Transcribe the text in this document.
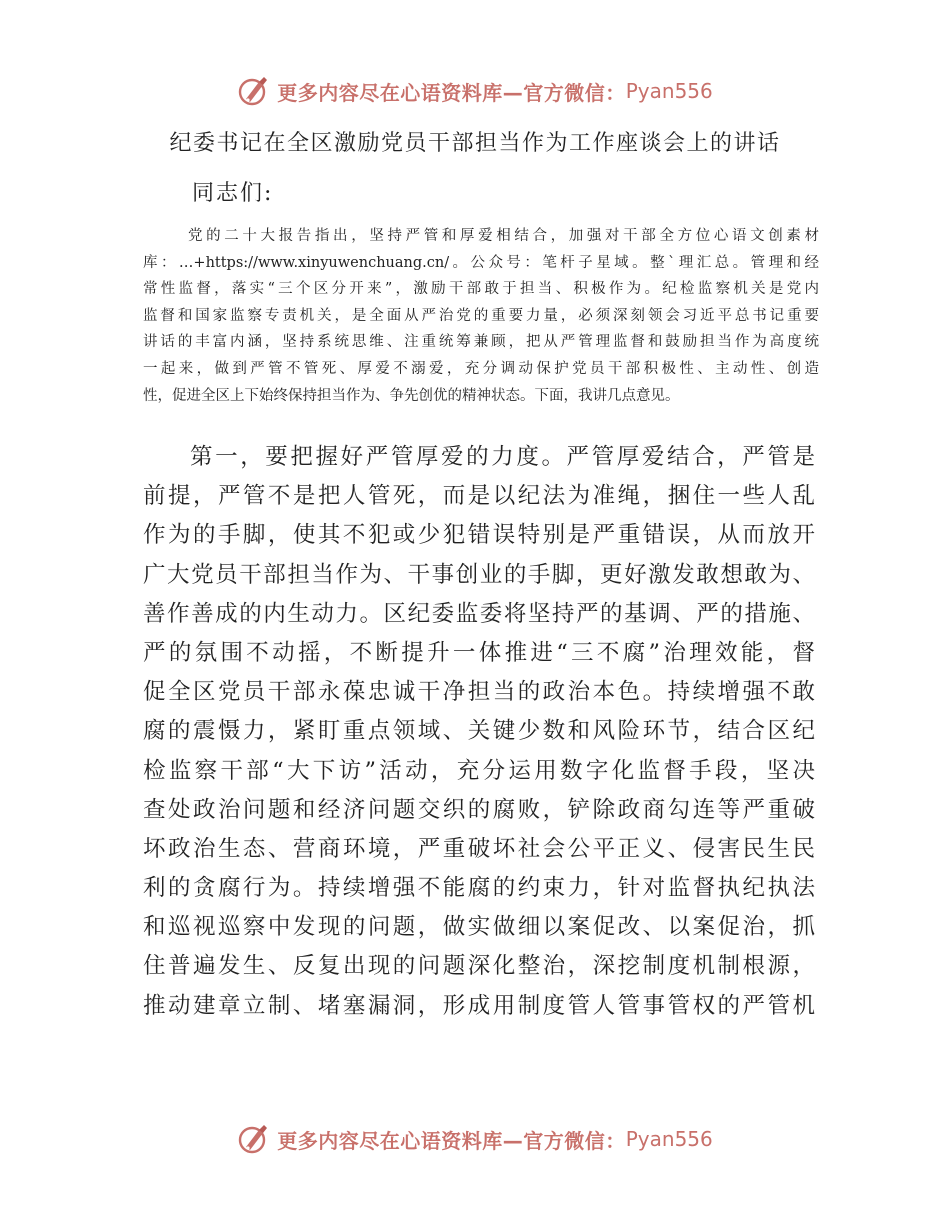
更多内容尽在心语资料库—官方微信： Pyan556
纪委书记在全区激励党员干部担当作为工作座谈会上的讲话
同志们:
党的二十大报告指出，坚持严管和厚爱相结合，加强对干部全方位心语文创素材
库：…+https://www.xinyuwenchuang.cn/。公众号：笔杆子星域。整`理汇总。管理和经
常性监督，落实“三个区分开来”，激励干部敢于担当、积极作为。纪检监察机关是党内
监督和国家监察专责机关，是全面从严治党的重要力量，必须深刻领会习近平总书记重要
讲话的丰富内涵，坚持系统思维、注重统筹兼顾，把从严管理监督和鼓励担当作为高度统
一起来，做到严管不管死、厚爱不溺爱，充分调动保护党员干部积极性、主动性、创造
性，促进全区上下始终保持担当作为、争先创优的精神状态。下面，我讲几点意见。
第一，要把握好严管厚爱的力度。严管厚爱结合，严管是
前提，严管不是把人管死，而是以纪法为准绳，捆住一些人乱
作为的手脚，使其不犯或少犯错误特别是严重错误，从而放开
广大党员干部担当作为、干事创业的手脚，更好激发敢想敢为、
善作善成的内生动力。区纪委监委将坚持严的基调、严的措施、
严的氛围不动摇，不断提升一体推进“三不腐”治理效能，督
促全区党员干部永葆忠诚干净担当的政治本色。持续增强不敢
腐的震慑力，紧盯重点领域、关键少数和风险环节，结合区纪
检监察干部“大下访”活动，充分运用数字化监督手段，坚决
查处政治问题和经济问题交织的腐败，铲除政商勾连等严重破
坏政治生态、营商环境，严重破坏社会公平正义、侵害民生民
利的贪腐行为。持续增强不能腐的约束力，针对监督执纪执法
和巡视巡察中发现的问题，做实做细以案促改、以案促治，抓
住普遍发生、反复出现的问题深化整治，深挖制度机制根源，
推动建章立制、堵塞漏洞，形成用制度管人管事管权的严管机
更多内容尽在心语资料库—官方微信： Pyan556
